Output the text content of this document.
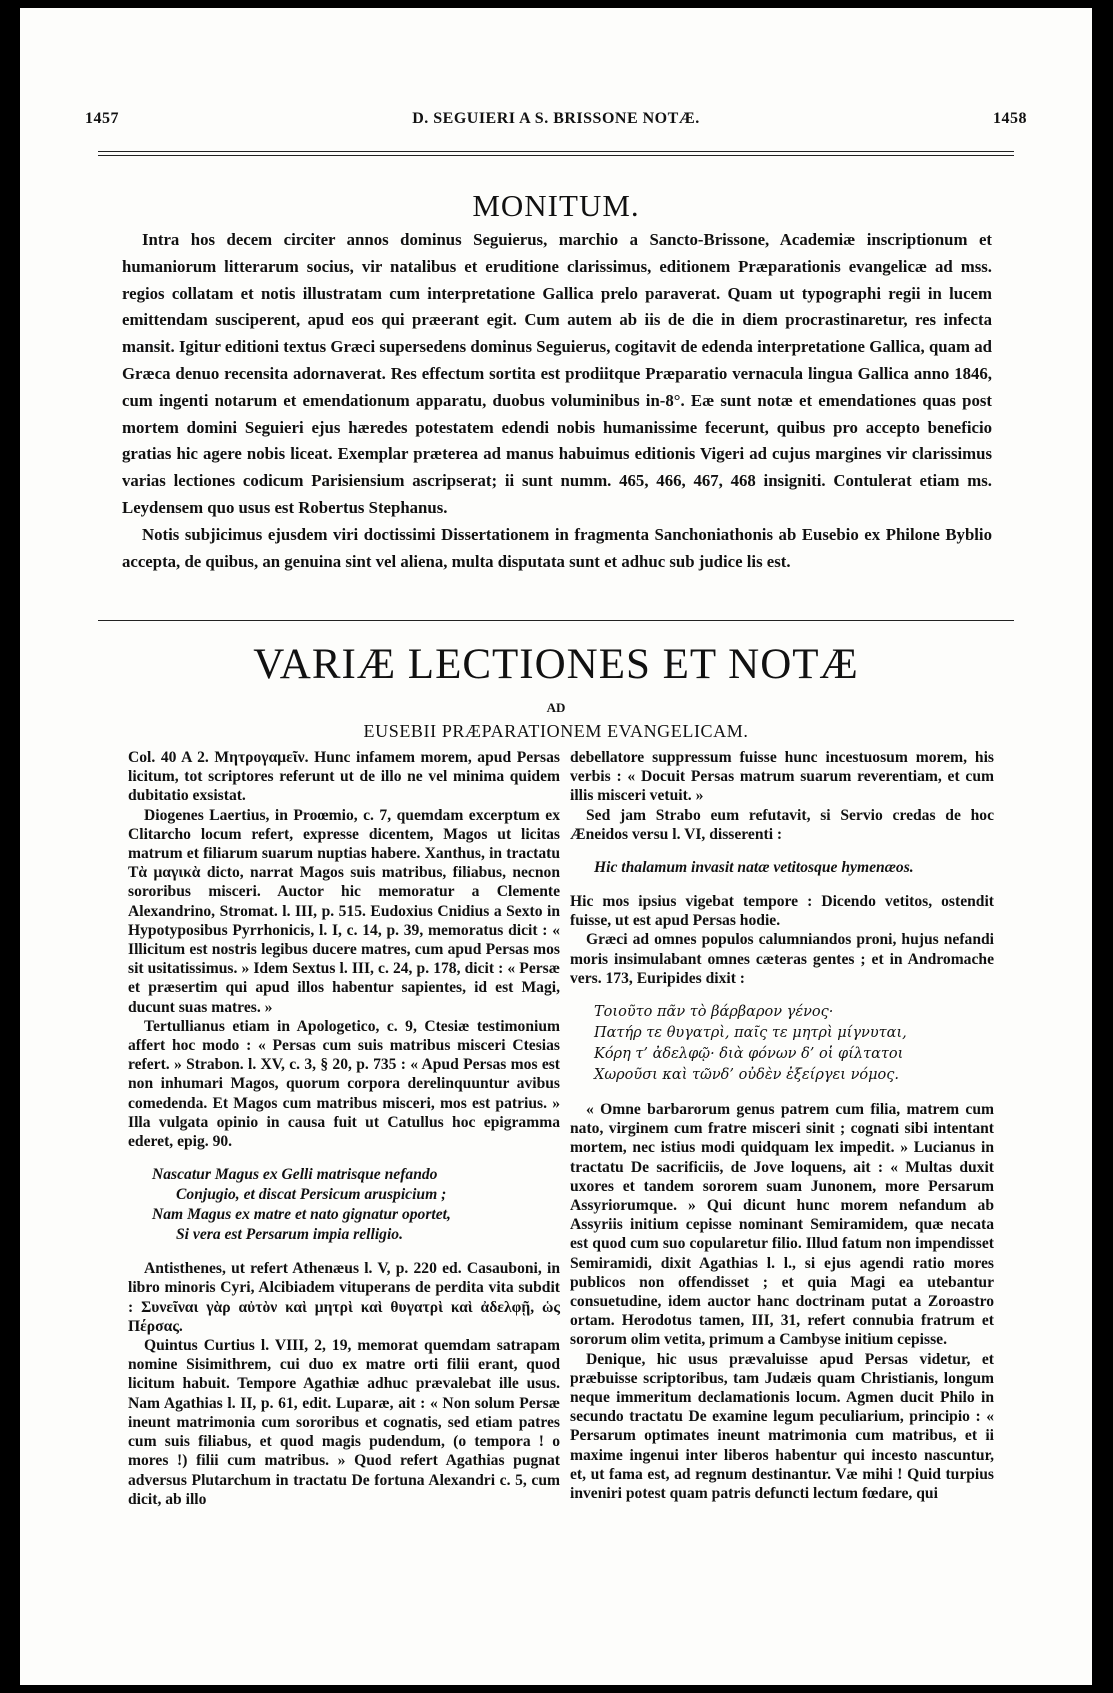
1457	D. SEGUIERI A S. BRISSONE NOTÆ.	1458
MONITUM.

Intra hos decem circiter annos dominus Seguierus, marchio a Sancto-Brissone, Academiæ inscriptionum et humaniorum litterarum socius, vir natalibus et eruditione clarissimus, editionem Præparationis evangelicæ ad mss. regios collatam et notis illustratam cum interpretatione Gallica prelo paraverat. Quam ut typographi regii in lucem emittendam susciperent, apud eos qui præerant egit. Cum autem ab iis de die in diem procrastinaretur, res infecta mansit. Igitur editioni textus Græci supersedens dominus Seguierus, cogitavit de edenda interpretatione Gallica, quam ad Græca denuo recensita adornaverat. Res effectum sortita est prodiitque Præparatio vernacula lingua Gallica anno 1846, cum ingenti notarum et emendationum apparatu, duobus voluminibus in-8°. Eæ sunt notæ et emendationes quas post mortem domini Seguieri ejus hæredes potestatem edendi nobis humanissime fecerunt, quibus pro accepto beneficio gratias hic agere nobis liceat. Exemplar præterea ad manus habuimus editionis Vigeri ad cujus margines vir clarissimus varias lectiones codicum Parisiensium ascripserat; ii sunt numm. 465, 466, 467, 468 insigniti. Contulerat etiam ms. Leydensem quo usus est Robertus Stephanus.

Notis subjicimus ejusdem viri doctissimi Dissertationem in fragmenta Sanchoniathonis ab Eusebio ex Philone Byblio accepta, de quibus, an genuina sint vel aliena, multa disputata sunt et adhuc sub judice lis est.

VARIÆ LECTIONES ET NOTÆ
AD
EUSEBII PRÆPARATIONEM EVANGELICAM.

Col. 40 A 2. Μητρογαμεῖν. Hunc infamem morem, apud Persas licitum, tot scriptores referunt ut de illo ne vel minima quidem dubitatio exsistat.

Diogenes Laertius, in Proœmio, c. 7, quemdam excerptum ex Clitarcho locum refert, expresse dicentem, Magos ut licitas matrum et filiarum suarum nuptias habere. Xanthus, in tractatu Τὰ μαγικὰ dicto, narrat Magos suis matribus, filiabus, necnon sororibus misceri. Auctor hic memoratur a Clemente Alexandrino, Stromat. l. III, p. 515. Eudoxius Cnidius a Sexto in Hypotyposibus Pyrrhonicis, l. I, c. 14, p. 39, memoratus dicit : « Illicitum est nostris legibus ducere matres, cum apud Persas mos sit usitatissimus. » Idem Sextus l. III, c. 24, p. 178, dicit : « Persæ et præsertim qui apud illos habentur sapientes, id est Magi, ducunt suas matres. »

Tertullianus etiam in Apologetico, c. 9, Ctesiæ testimonium affert hoc modo : « Persas cum suis matribus misceri Ctesias refert. » Strabon. l. XV, c. 3, § 20, p. 735 : « Apud Persas mos est non inhumari Magos, quorum corpora derelinquuntur avibus comedenda. Et Magos cum matribus misceri, mos est patrius. » Illa vulgata opinio in causa fuit ut Catullus hoc epigramma ederet, epig. 90.

Nascatur Magus ex Gelli matrisque nefando
Conjugio, et discat Persicum aruspicium ;
Nam Magus ex matre et nato gignatur oportet,
Si vera est Persarum impia relligio.

Antisthenes, ut refert Athenæus l. V, p. 220 ed. Casauboni, in libro minoris Cyri, Alcibiadem vituperans de perdita vita subdit : Συνεῖναι γὰρ αὐτὸν καὶ μητρὶ καὶ θυγατρὶ καὶ ἀδελφῇ, ὡς Πέρσας.

Quintus Curtius l. VIII, 2, 19, memorat quemdam satrapam nomine Sisimithrem, cui duo ex matre orti filii erant, quod licitum habuit. Tempore Agathiæ adhuc prævalebat ille usus. Nam Agathias l. II, p. 61, edit. Luparæ, ait : « Non solum Persæ ineunt matrimonia cum sororibus et cognatis, sed etiam patres cum suis filiabus, et quod magis pudendum, (o tempora ! o mores !) filii cum matribus. » Quod refert Agathias pugnat adversus Plutarchum in tractatu De fortuna Alexandri c. 5, cum dicit, ab illo

debellatore suppressum fuisse hunc incestuosum morem, his verbis : « Docuit Persas matrum suarum reverentiam, et cum illis misceri vetuit. »

Sed jam Strabo eum refutavit, si Servio credas de hoc Æneidos versu l. VI, disserenti :

Hic thalamum invasit natæ vetitosque hymenæos.

Hic mos ipsius vigebat tempore : Dicendo vetitos, ostendit fuisse, ut est apud Persas hodie.

Græci ad omnes populos calumniandos proni, hujus nefandi moris insimulabant omnes cæteras gentes ; et in Andromache vers. 173, Euripides dixit :

Τοιοῦτο πᾶν τὸ βάρβαρον γένος·
Πατήρ τε θυγατρὶ, παῖς τε μητρὶ μίγνυται,
Κόρη τ’ ἀδελφῷ· διὰ φόνων δ’ οἱ φίλτατοι
Χωροῦσι καὶ τῶνδ’ οὐδὲν ἐξείργει νόμος.

« Omne barbarorum genus patrem cum filia, matrem cum nato, virginem cum fratre misceri sinit ; cognati sibi intentant mortem, nec istius modi quidquam lex impedit. » Lucianus in tractatu De sacrificiis, de Jove loquens, ait : « Multas duxit uxores et tandem sororem suam Junonem, more Persarum Assyriorumque. » Qui dicunt hunc morem nefandum ab Assyriis initium cepisse nominant Semiramidem, quæ necata est quod cum suo copularetur filio. Illud fatum non impendisset Semiramidi, dixit Agathias l. l., si ejus agendi ratio mores publicos non offendisset ; et quia Magi ea utebantur consuetudine, idem auctor hanc doctrinam putat a Zoroastro ortam. Herodotus tamen, III, 31, refert connubia fratrum et sororum olim vetita, primum a Cambyse initium cepisse.

Denique, hic usus prævaluisse apud Persas videtur, et præbuisse scriptoribus, tam Judæis quam Christianis, longum neque immeritum declamationis locum. Agmen ducit Philo in secundo tractatu De examine legum peculiarium, principio : « Persarum optimates ineunt matrimonia cum matribus, et ii maxime ingenui inter liberos habentur qui incesto nascuntur, et, ut fama est, ad regnum destinantur. Væ mihi ! Quid turpius inveniri potest quam patris defuncti lectum fœdare, qui
